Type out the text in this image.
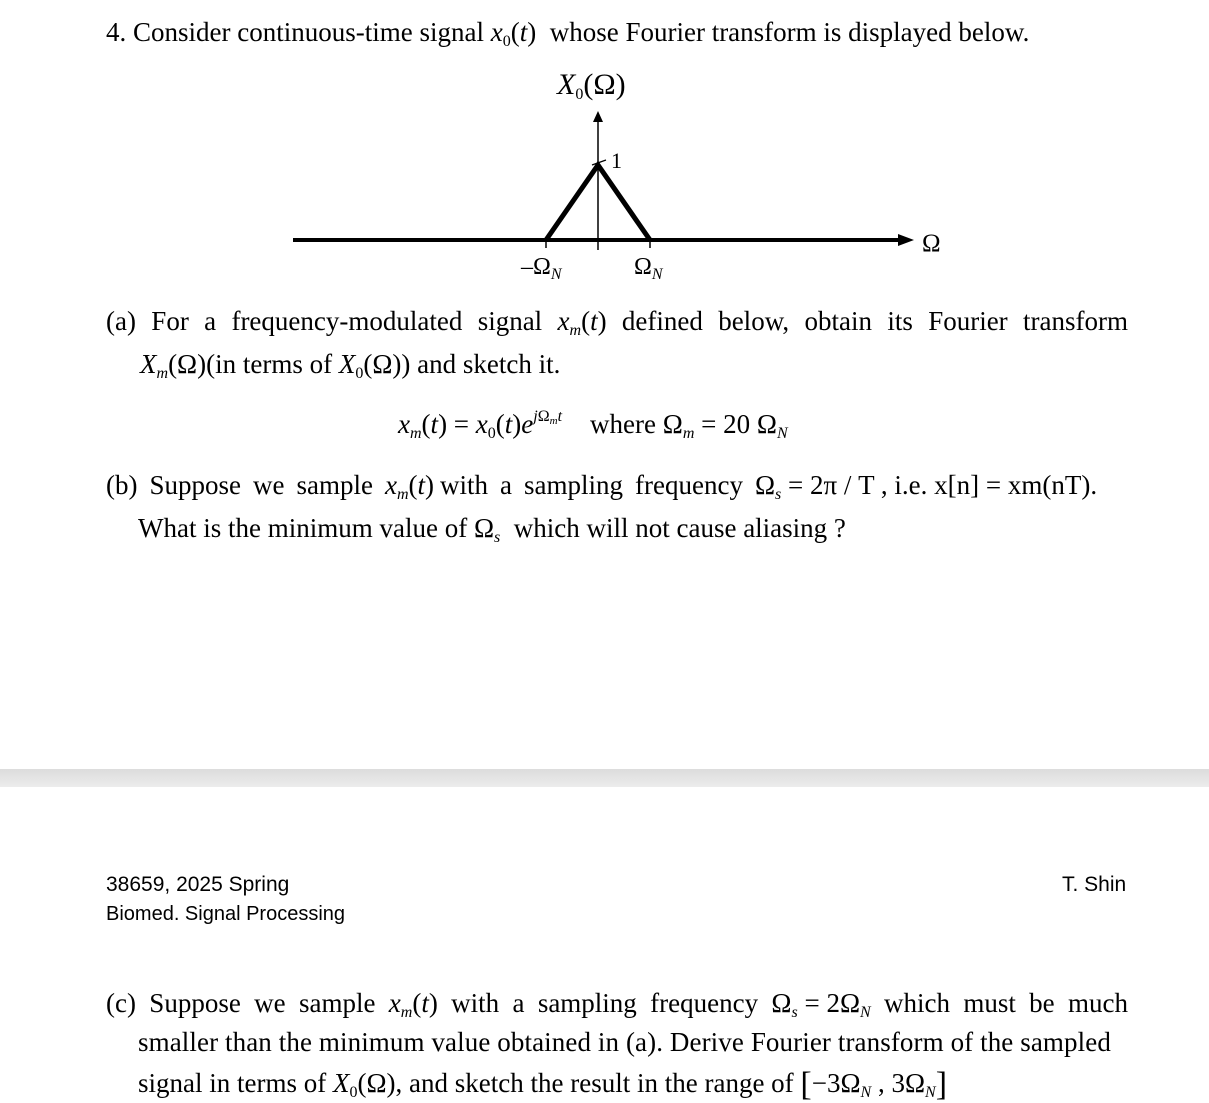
4. Consider continuous-time signal $x_0(t)$  whose Fourier transform is displayed below.
$X_0(\Omega)$
1
Ω
$-\Omega_N$	$\Omega_N$
(a) For a frequency-modulated signal $x_m(t)$ defined below, obtain its Fourier transform
$X_m(\Omega)(in$ terms of $X_0(\Omega)$) and sketch it.
$x_m(t) = x_0(t)e^{j\Omega_mt}$ where $\Omega_m = 20$ $\Omega_N$
(b) Suppose we sample $x_m(t)$ with a sampling frequency $\Omega_s = 2\pi / T$ , i.e. x[n] = xm(nT).
What is the minimum value of $\Omega_s$ which will not cause aliasing ?
38659, 2025 Spring
Biomed. Signal Processing
T. Shin
(c) Suppose we sample $x_m(t)$ with a sampling frequency $\Omega_s = 2\Omega_N$ which must be much
smaller than the minimum value obtained in (a). Derive Fourier transform of the sampled
signal in terms of $X_0(\Omega)$, and sketch the result in the range of [$-3\Omega_N$ , $3\Omega_N$]
